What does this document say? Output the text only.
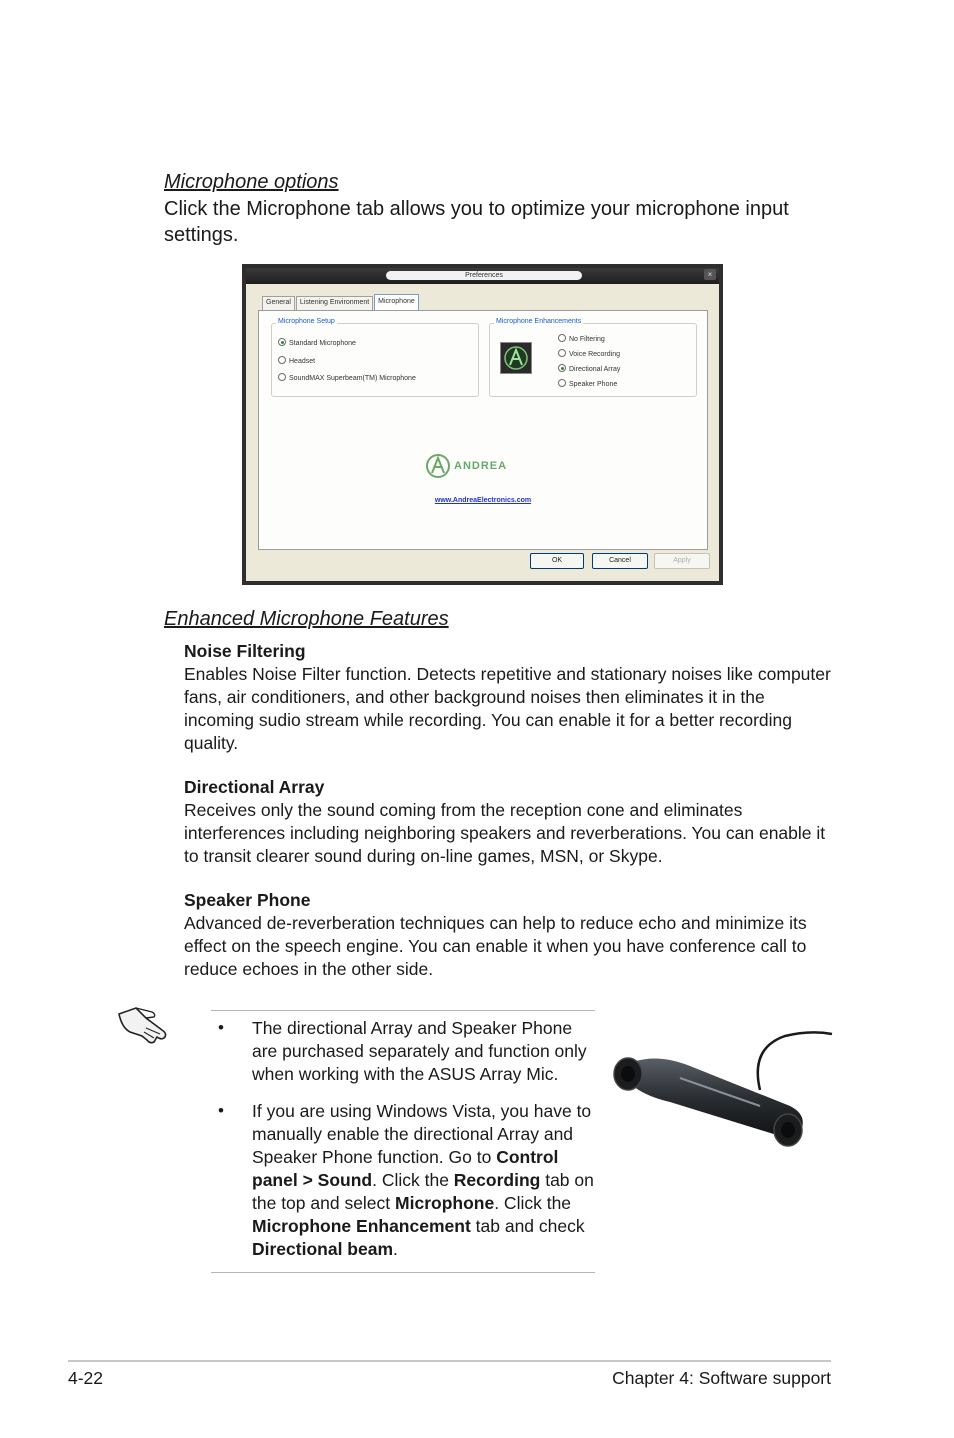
Microphone options
Click the Microphone tab allows you to optimize your microphone input
settings.
Preferences	×
General	Listening Environment	Microphone
Microphone Setup
Standard Microphone
Headset
SoundMAX Superbeam(TM) Microphone
Microphone Enhancements
No Filtering
Voice Recording
Directional Array
Speaker Phone
ANDREA
www.AndreaElectronics.com
OK	Cancel	Apply
Enhanced Microphone Features
Noise Filtering
Enables Noise Filter function. Detects repetitive and stationary noises like computer
fans, air conditioners, and other background noises then eliminates it in the
incoming sudio stream while recording. You can enable it for a better recording
quality.
Directional Array
Receives only the sound coming from the reception cone and eliminates
interferences including neighboring speakers and reverberations. You can enable it
to transit clearer sound during on-line games, MSN, or Skype.
Speaker Phone
Advanced de-reverberation techniques can help to reduce echo and minimize its
effect on the speech engine. You can enable it when you have conference call to
reduce echoes in the other side.
• The directional Array and Speaker Phone
are purchased separately and function only
when working with the ASUS Array Mic.
• If you are using Windows Vista, you have to
manually enable the directional Array and
Speaker Phone function. Go to Control
panel > Sound. Click the Recording tab on
the top and select Microphone. Click the
Microphone Enhancement tab and check
Directional beam.
4-22	Chapter 4: Software support
